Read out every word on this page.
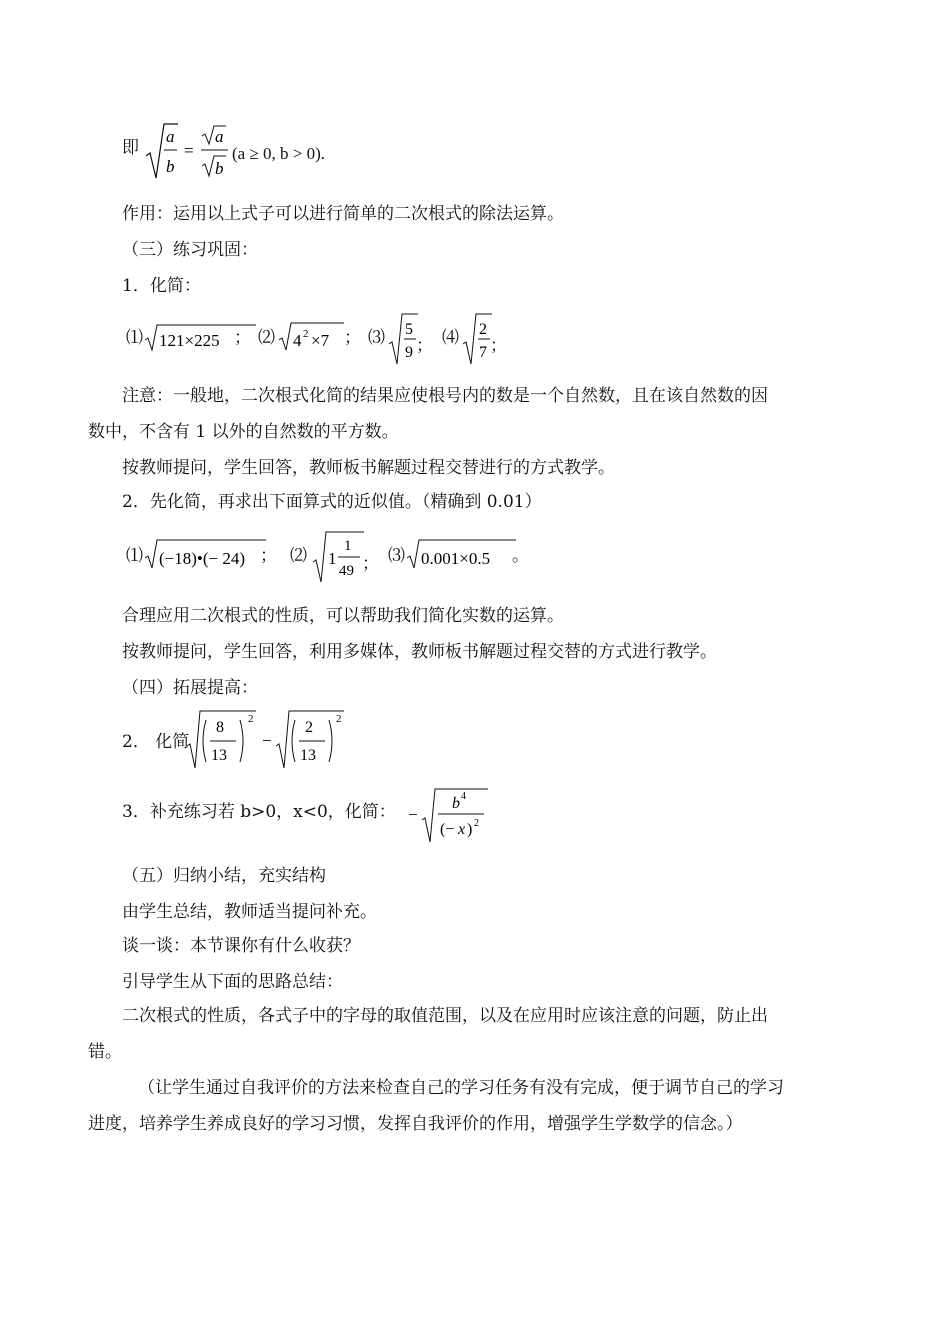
即
a
b
=
a
b
(a ≥ 0, b > 0).
作用：运用以上式子可以进行简单的二次根式的除法运算。
（三）练习巩固：
1．化简：
⑴ 121×225 ； ⑵ 4 2 ×7 ； ⑶ 5
9 ； ⑷ 2
7 ；
注意：一般地，二次根式化简的结果应使根号内的数是一个自然数，且在该自然数的因
数中，不含有 1 以外的自然数的平方数。
按教师提问，学生回答，教师板书解题过程交替进行的方式教学。
2．先化简，再求出下面算式的近似值。（精确到 0.01）
⑴ (−18)•(− 24) ； ⑵ 1
1
49 ； ⑶ 0.001×0.5 。
合理应用二次根式的性质，可以帮助我们简化实数的运算。
按教师提问，学生回答，利用多媒体，教师板书解题过程交替的方式进行教学。
（四）拓展提高：
2． 化简
8
13
2
−
2
13
2
3．补充练习若 b>0，x<0，化简： −
b 4
(− x ) 2
（五）归纳小结，充实结构
由学生总结，教师适当提问补充。
谈一谈：本节课你有什么收获？
引导学生从下面的思路总结：
二次根式的性质，各式子中的字母的取值范围，以及在应用时应该注意的问题，防止出
错。
（让学生通过自我评价的方法来检查自己的学习任务有没有完成，便于调节自己的学习
进度，培养学生养成良好的学习习惯，发挥自我评价的作用，增强学生学数学的信念。）
